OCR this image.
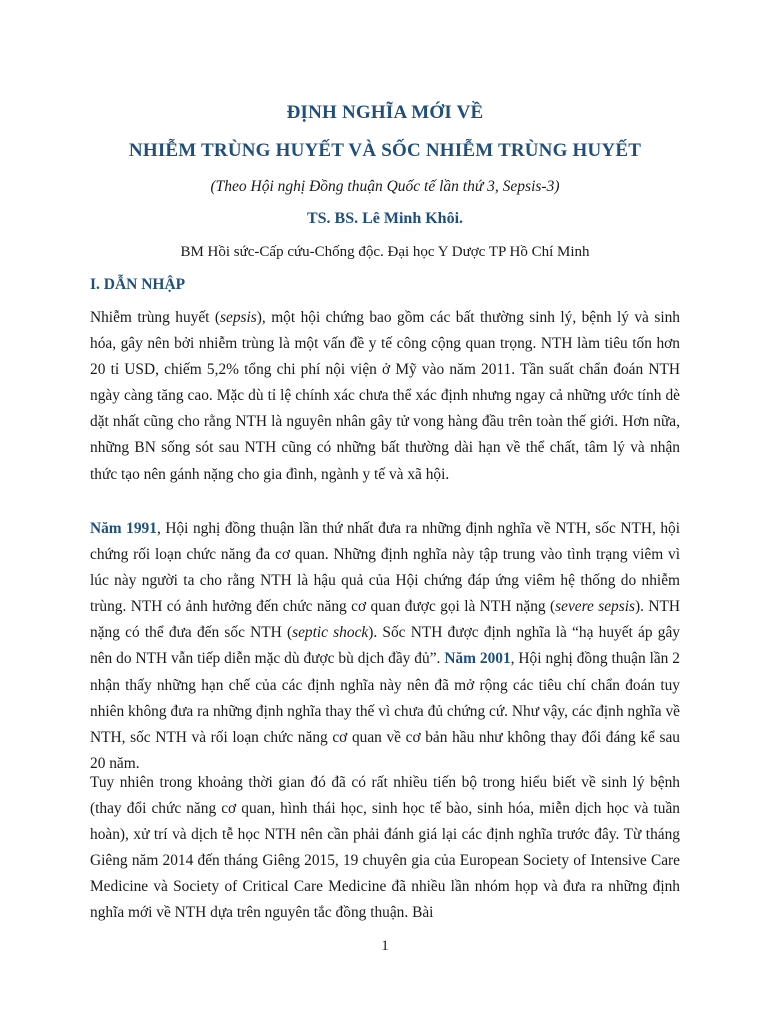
ĐỊNH NGHĨA MỚI VỀ
NHIỄM TRÙNG HUYẾT VÀ SỐC NHIỄM TRÙNG HUYẾT
(Theo Hội nghị Đồng thuận Quốc tế lần thứ 3, Sepsis-3)
TS. BS. Lê Minh Khôi.
BM Hồi sức-Cấp cứu-Chống độc. Đại học Y Dược TP Hồ Chí Minh
I. DẪN NHẬP
Nhiễm trùng huyết (sepsis), một hội chứng bao gồm các bất thường sinh lý, bệnh lý và sinh hóa, gây nên bởi nhiễm trùng là một vấn đề y tế công cộng quan trọng. NTH làm tiêu tốn hơn 20 tỉ USD, chiếm 5,2% tổng chi phí nội viện ở Mỹ vào năm 2011. Tần suất chẩn đoán NTH ngày càng tăng cao. Mặc dù tỉ lệ chính xác chưa thể xác định nhưng ngay cả những ước tính dè dặt nhất cũng cho rằng NTH là nguyên nhân gây tử vong hàng đầu trên toàn thế giới. Hơn nữa, những BN sống sót sau NTH cũng có những bất thường dài hạn về thể chất, tâm lý và nhận thức tạo nên gánh nặng cho gia đình, ngành y tế và xã hội.
Năm 1991, Hội nghị đồng thuận lần thứ nhất đưa ra những định nghĩa về NTH, sốc NTH, hội chứng rối loạn chức năng đa cơ quan. Những định nghĩa này tập trung vào tình trạng viêm vì lúc này người ta cho rằng NTH là hậu quả của Hội chứng đáp ứng viêm hệ thống do nhiễm trùng. NTH có ảnh hưởng đến chức năng cơ quan được gọi là NTH nặng (severe sepsis). NTH nặng có thể đưa đến sốc NTH (septic shock). Sốc NTH được định nghĩa là “hạ huyết áp gây nên do NTH vẫn tiếp diễn mặc dù được bù dịch đầy đủ”. Năm 2001, Hội nghị đồng thuận lần 2 nhận thấy những hạn chế của các định nghĩa này nên đã mở rộng các tiêu chí chẩn đoán tuy nhiên không đưa ra những định nghĩa thay thế vì chưa đủ chứng cứ. Như vậy, các định nghĩa về NTH, sốc NTH và rối loạn chức năng cơ quan về cơ bản hầu như không thay đổi đáng kể sau 20 năm.
Tuy nhiên trong khoảng thời gian đó đã có rất nhiều tiến bộ trong hiểu biết về sinh lý bệnh (thay đổi chức năng cơ quan, hình thái học, sinh học tế bào, sinh hóa, miễn dịch học và tuần hoàn), xử trí và dịch tễ học NTH nên cần phải đánh giá lại các định nghĩa trước đây. Từ tháng Giêng năm 2014 đến tháng Giêng 2015, 19 chuyên gia của European Society of Intensive Care Medicine và Society of Critical Care Medicine đã nhiều lần nhóm họp và đưa ra những định nghĩa mới về NTH dựa trên nguyên tắc đồng thuận. Bài
1
